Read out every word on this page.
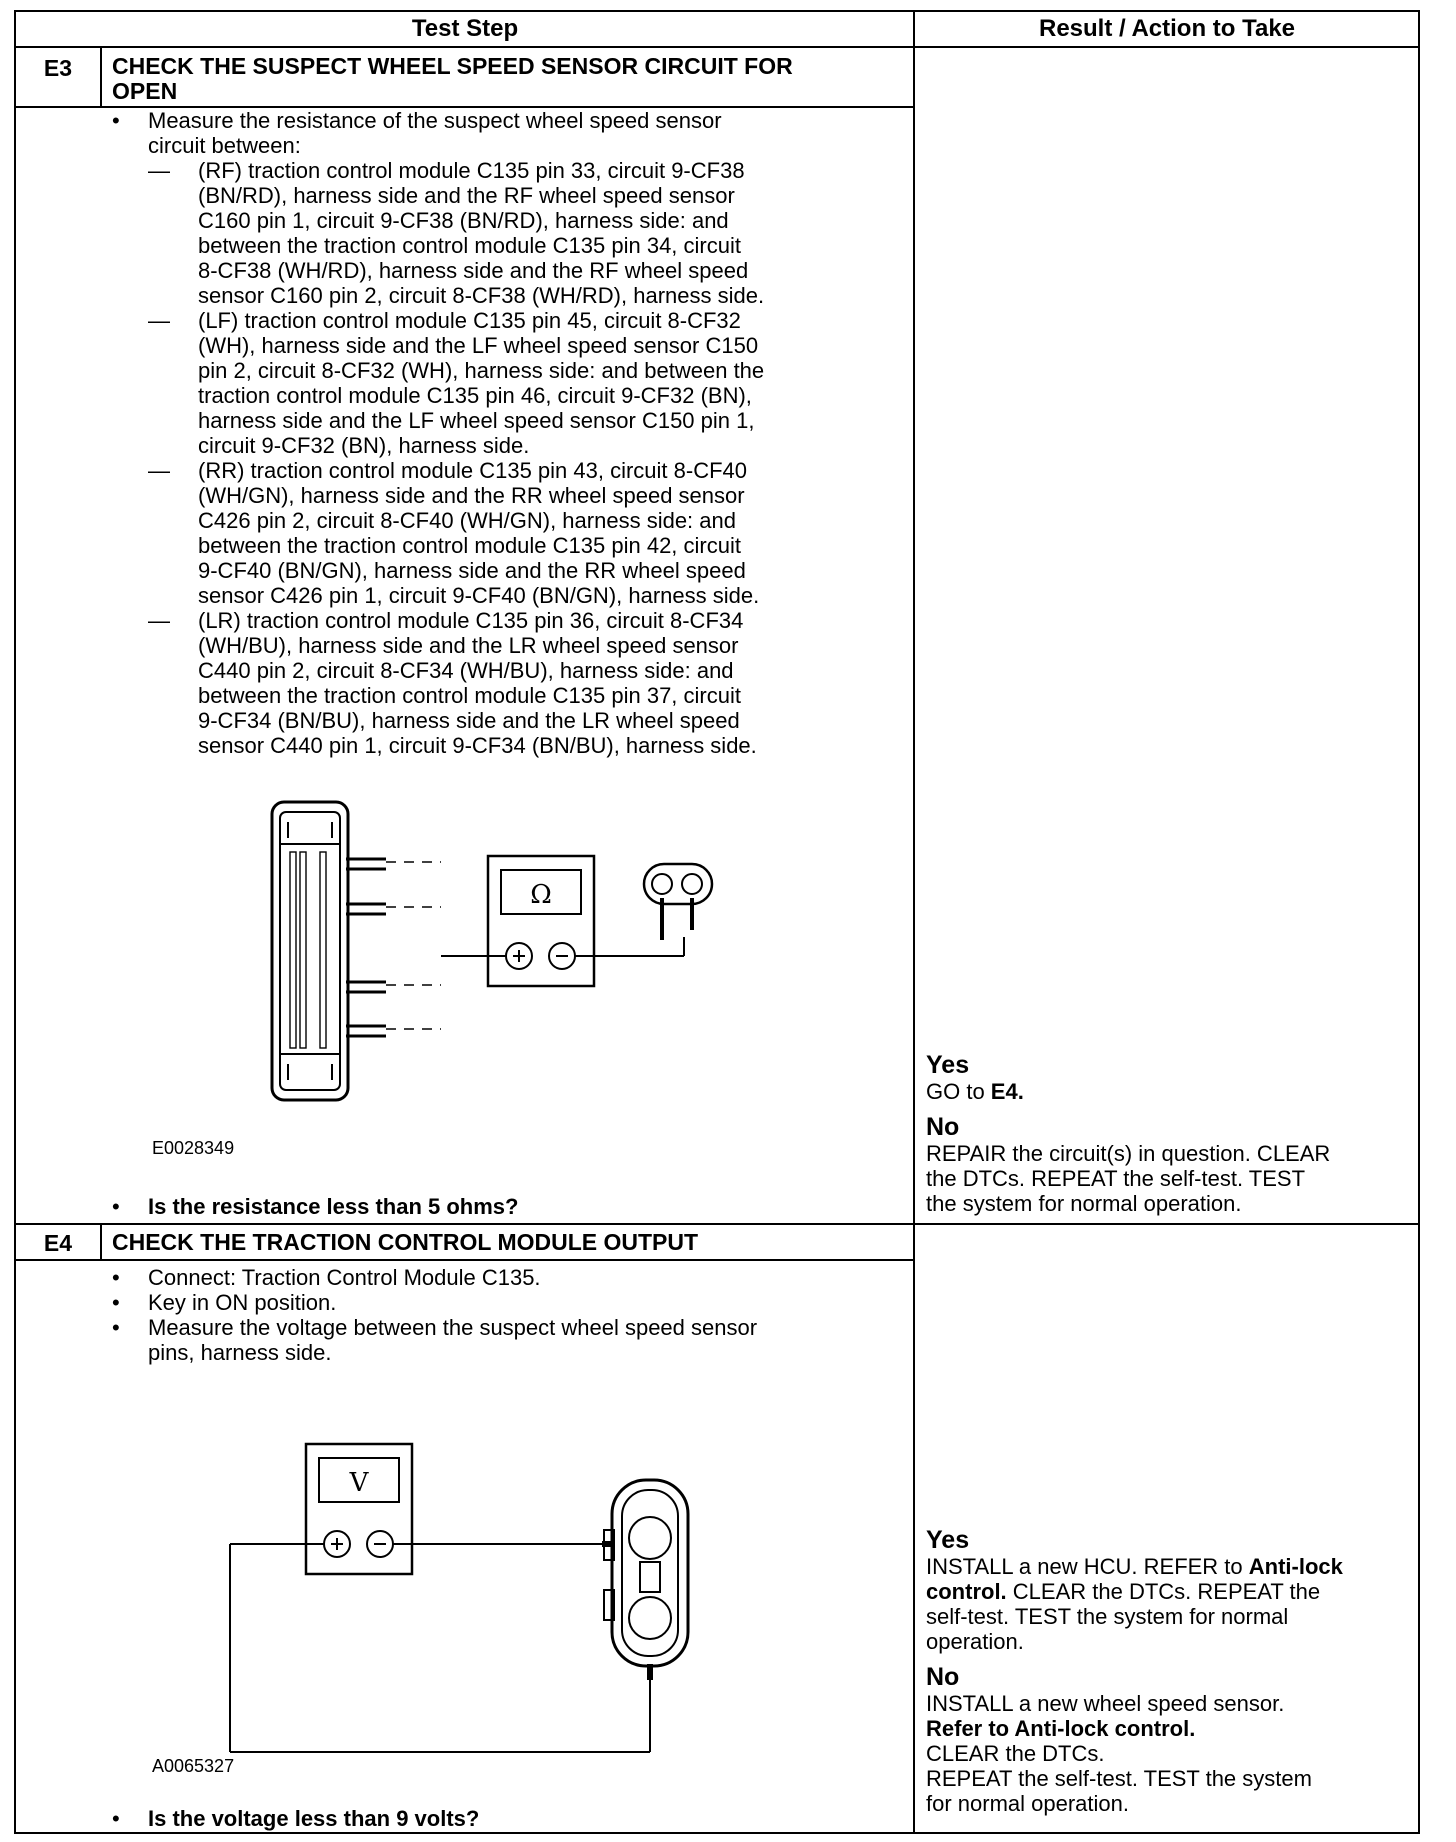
Test Step	Result / Action to Take
E3	CHECK THE SUSPECT WHEEL SPEED SENSOR CIRCUIT FOR
OPEN
• Measure the resistance of the suspect wheel speed sensor
circuit between:
— (RF) traction control module C135 pin 33, circuit 9-CF38
(BN/RD), harness side and the RF wheel speed sensor
C160 pin 1, circuit 9-CF38 (BN/RD), harness side: and
between the traction control module C135 pin 34, circuit
8-CF38 (WH/RD), harness side and the RF wheel speed
sensor C160 pin 2, circuit 8-CF38 (WH/RD), harness side.
— (LF) traction control module C135 pin 45, circuit 8-CF32
(WH), harness side and the LF wheel speed sensor C150
pin 2, circuit 8-CF32 (WH), harness side: and between the
traction control module C135 pin 46, circuit 9-CF32 (BN),
harness side and the LF wheel speed sensor C150 pin 1,
circuit 9-CF32 (BN), harness side.
— (RR) traction control module C135 pin 43, circuit 8-CF40
(WH/GN), harness side and the RR wheel speed sensor
C426 pin 2, circuit 8-CF40 (WH/GN), harness side: and
between the traction control module C135 pin 42, circuit
9-CF40 (BN/GN), harness side and the RR wheel speed
sensor C426 pin 1, circuit 9-CF40 (BN/GN), harness side.
— (LR) traction control module C135 pin 36, circuit 8-CF34
(WH/BU), harness side and the LR wheel speed sensor
C440 pin 2, circuit 8-CF34 (WH/BU), harness side: and
between the traction control module C135 pin 37, circuit
9-CF34 (BN/BU), harness side and the LR wheel speed
sensor C440 pin 1, circuit 9-CF34 (BN/BU), harness side.
Ω
E0028349
• Is the resistance less than 5 ohms?
Yes
GO to E4.
No
REPAIR the circuit(s) in question. CLEAR
the DTCs. REPEAT the self-test. TEST
the system for normal operation.
E4	CHECK THE TRACTION CONTROL MODULE OUTPUT
• Connect: Traction Control Module C135.
• Key in ON position.
• Measure the voltage between the suspect wheel speed sensor
pins, harness side.
V
A0065327
• Is the voltage less than 9 volts?
Yes
INSTALL a new HCU. REFER to Anti-lock
control. CLEAR the DTCs. REPEAT the
self-test. TEST the system for normal
operation.
No
INSTALL a new wheel speed sensor.
Refer to Anti-lock control.
CLEAR the DTCs.
REPEAT the self-test. TEST the system
for normal operation.
